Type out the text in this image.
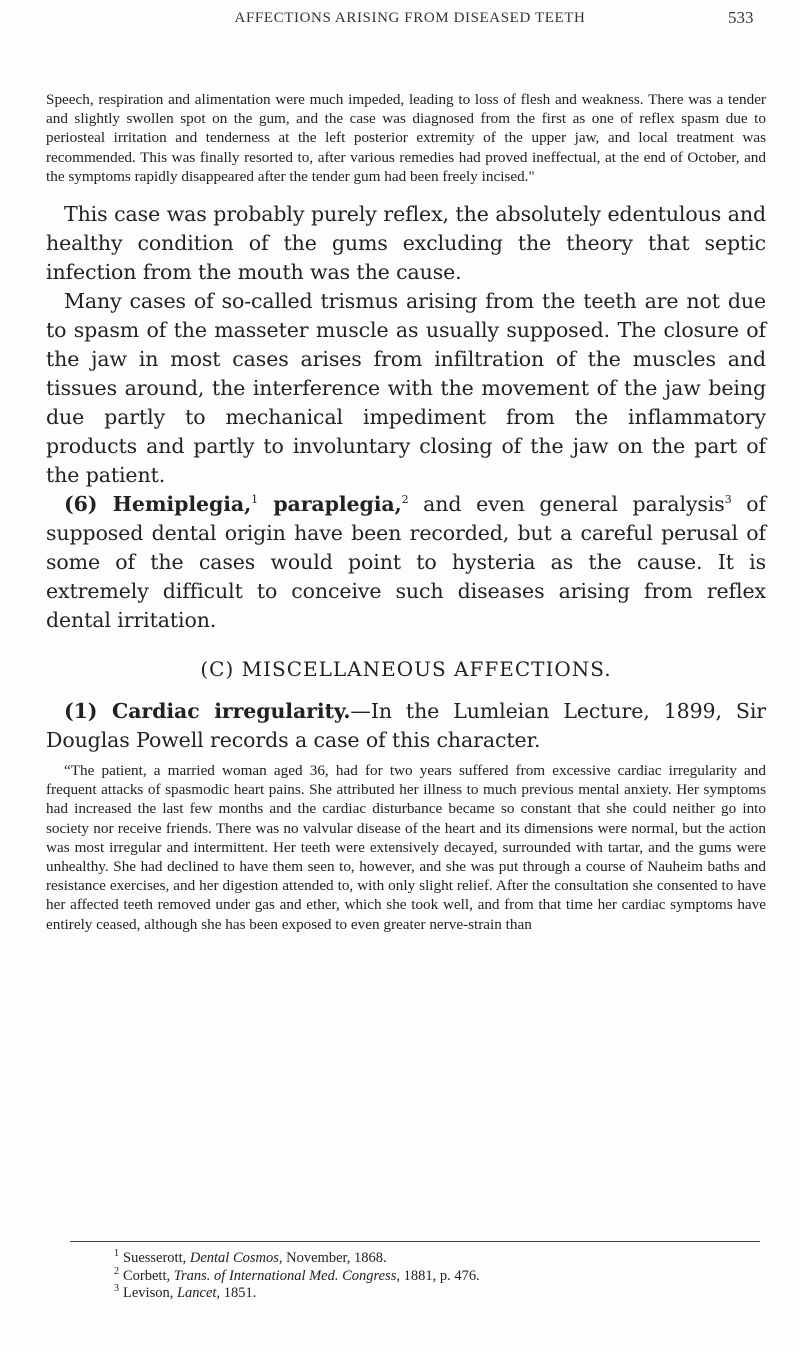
AFFECTIONS ARISING FROM DISEASED TEETH	533

Speech, respiration and alimentation were much impeded, leading to loss of flesh and weakness. There was a tender and slightly swollen spot on the gum, and the case was diagnosed from the first as one of reflex spasm due to periosteal irritation and tenderness at the left posterior extremity of the upper jaw, and local treatment was recommended. This was finally resorted to, after various remedies had proved ineffectual, at the end of October, and the symptoms rapidly disappeared after the tender gum had been freely incised."

This case was probably purely reflex, the absolutely edentulous and healthy condition of the gums excluding the theory that septic infection from the mouth was the cause.

Many cases of so-called trismus arising from the teeth are not due to spasm of the masseter muscle as usually supposed. The closure of the jaw in most cases arises from infiltration of the muscles and tissues around, the interference with the movement of the jaw being due partly to mechanical impediment from the inflammatory products and partly to involuntary closing of the jaw on the part of the patient.

(6) Hemiplegia,$^1$ paraplegia,$^2$ and even general paralysis$^3$ of supposed dental origin have been recorded, but a careful perusal of some of the cases would point to hysteria as the cause. It is extremely difficult to conceive such diseases arising from reflex dental irritation.

(C) MISCELLANEOUS AFFECTIONS.

(1) Cardiac irregularity.—In the Lumleian Lecture, 1899, Sir Douglas Powell records a case of this character.

“The patient, a married woman aged 36, had for two years suffered from excessive cardiac irregularity and frequent attacks of spasmodic heart pains. She attributed her illness to much previous mental anxiety. Her symptoms had increased the last few months and the cardiac disturbance became so constant that she could neither go into society nor receive friends. There was no valvular disease of the heart and its dimensions were normal, but the action was most irregular and intermittent. Her teeth were extensively decayed, surrounded with tartar, and the gums were unhealthy. She had declined to have them seen to, however, and she was put through a course of Nauheim baths and resistance exercises, and her digestion attended to, with only slight relief. After the consultation she consented to have her affected teeth removed under gas and ether, which she took well, and from that time her cardiac symptoms have entirely ceased, although she has been exposed to even greater nerve-strain than

$^1$ Suesserott, Dental Cosmos, November, 1868.
$^2$ Corbett, Trans. of International Med. Congress, 1881, p. 476.
$^3$ Levison, Lancet, 1851.
